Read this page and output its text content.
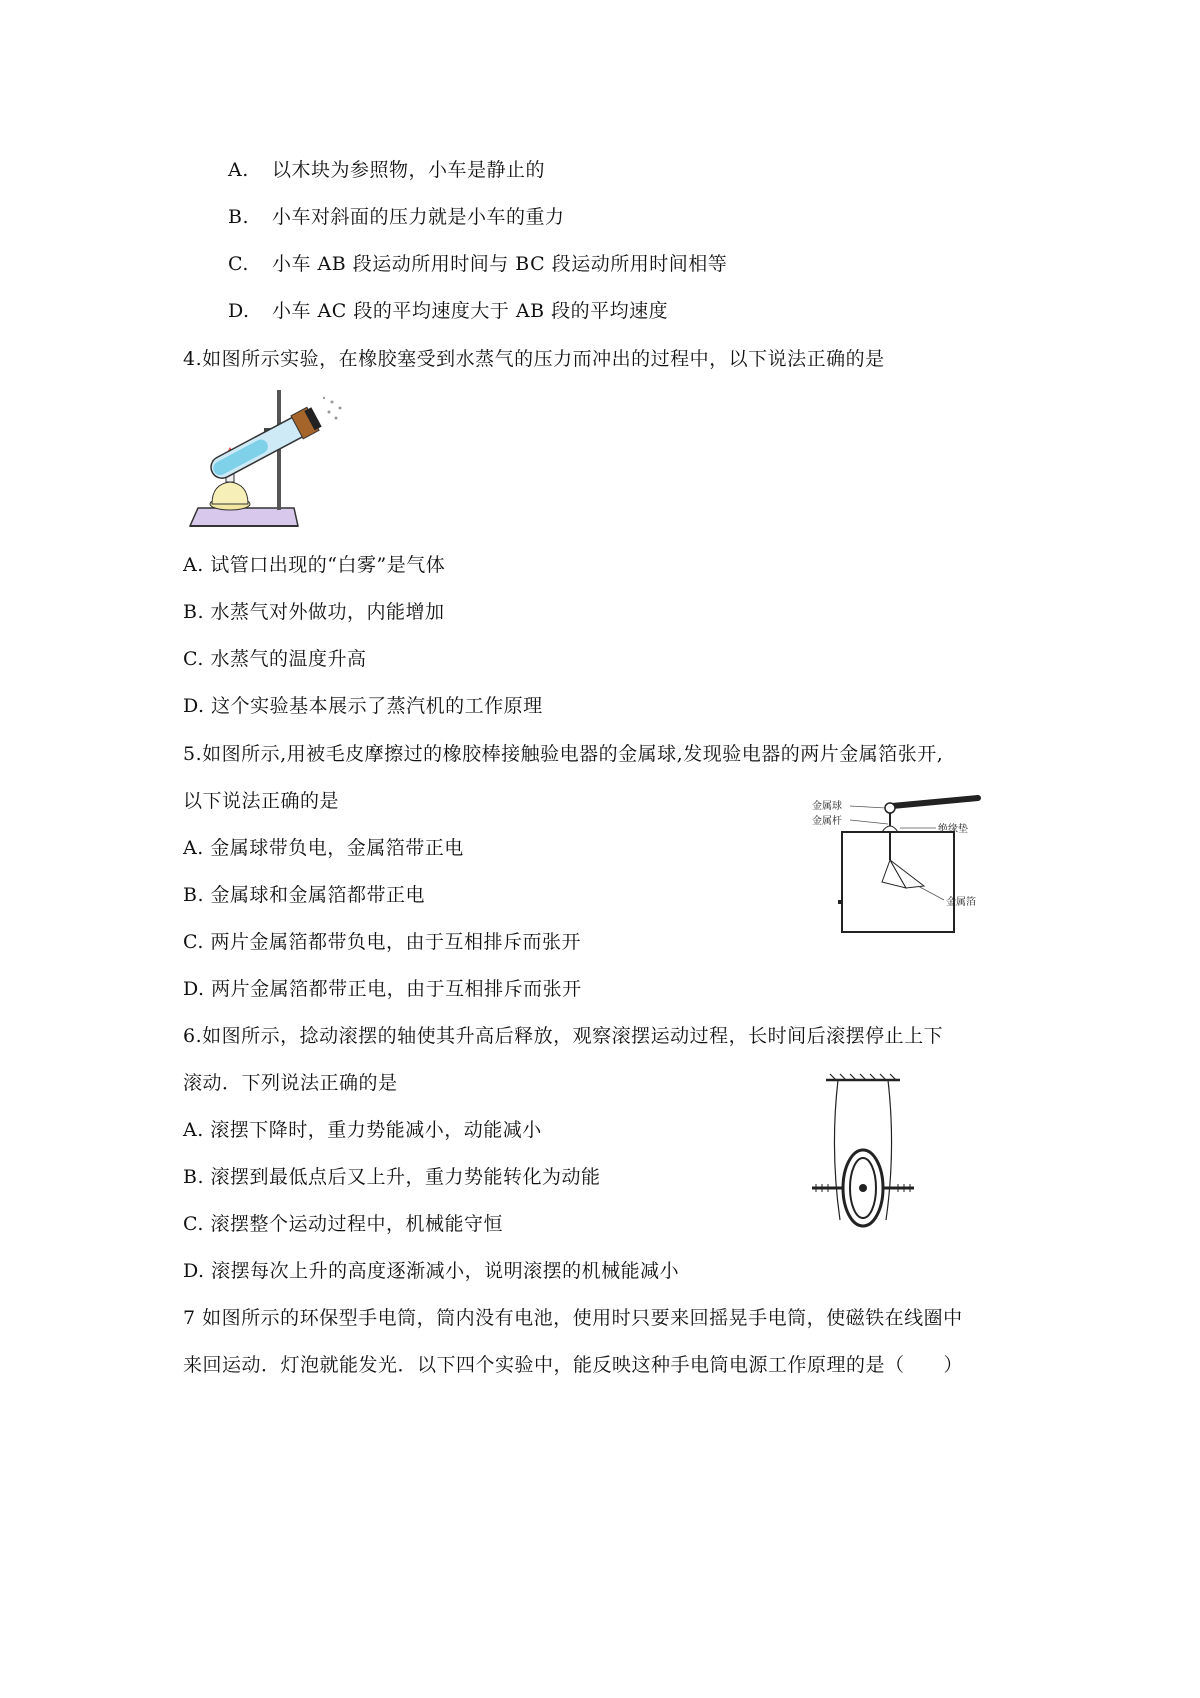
A. 以木块为参照物，小车是静止的
B. 小车对斜面的压力就是小车的重力
C. 小车 AB 段运动所用时间与 BC 段运动所用时间相等
D. 小车 AC 段的平均速度大于 AB 段的平均速度
4.如图所示实验，在橡胶塞受到水蒸气的压力而冲出的过程中，以下说法正确的是
A. 试管口出现的“白雾”是气体
B. 水蒸气对外做功，内能增加
C. 水蒸气的温度升高
D. 这个实验基本展示了蒸汽机的工作原理
5.如图所示,用被毛皮摩擦过的橡胶棒接触验电器的金属球,发现验电器的两片金属箔张开,
以下说法正确的是	金属球
金属杆
绝缘垫
金属箔
A. 金属球带负电，金属箔带正电
B. 金属球和金属箔都带正电
C. 两片金属箔都带负电，由于互相排斥而张开
D. 两片金属箔都带正电，由于互相排斥而张开
6.如图所示，捻动滚摆的轴使其升高后释放，观察滚摆运动过程，长时间后滚摆停止上下
滚动．下列说法正确的是
A. 滚摆下降时，重力势能减小，动能减小
B. 滚摆到最低点后又上升，重力势能转化为动能
C. 滚摆整个运动过程中，机械能守恒
D. 滚摆每次上升的高度逐渐减小，说明滚摆的机械能减小
7 如图所示的环保型手电筒，筒内没有电池，使用时只要来回摇晃手电筒，使磁铁在线圈中
来回运动．灯泡就能发光．以下四个实验中，能反映这种手电筒电源工作原理的是（　　）
